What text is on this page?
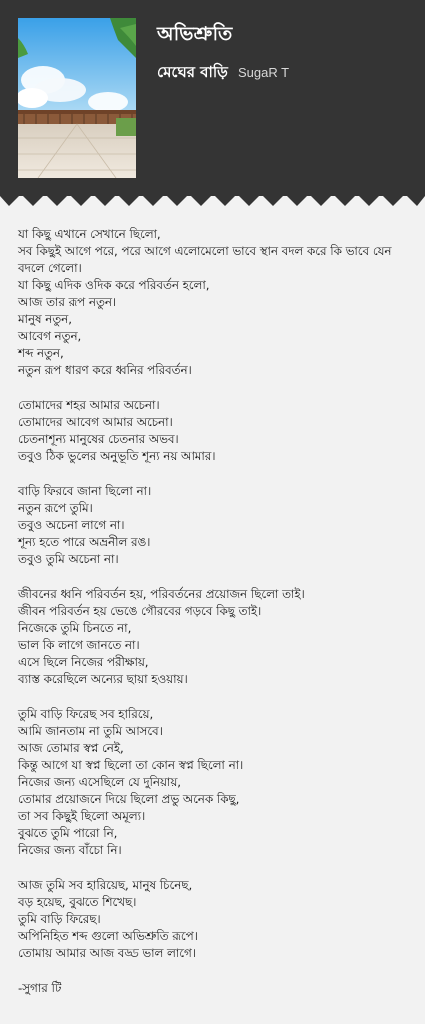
অভিশ্রুতি
মেঘের বাড়ি SugaR T
যা কিছু এখানে সেখানে ছিলো,
সব কিছুই আগে পরে, পরে আগে এলোমেলো ভাবে স্থান বদল করে কি ভাবে যেন বদলে গেলো।
যা কিছু এদিক ওদিক করে পরিবর্তন হলো,
আজ তার রূপ নতুন।
মানুষ নতুন,
আবেগ নতুন,
শব্দ নতুন,
নতুন রূপ ধারণ করে ধ্বনির পরিবর্তন।
তোমাদের শহর আমার অচেনা।
তোমাদের আবেগ আমার অচেনা।
চেতনাশূন্য মানুষের চেতনার অভব।
তবুও ঠিক ভুলের অনুভূতি শূন্য নয় আমার।
বাড়ি ফিরবে জানা ছিলো না।
নতুন রূপে তুমি।
তবুও অচেনা লাগে না।
শূন্য হতে পারে অভ্রনীল রঙ।
তবুও তুমি অচেনা না।
জীবনের ধ্বনি পরিবর্তন হয়, পরিবর্তনের প্রয়োজন ছিলো তাই।
জীবন পরিবর্তন হয় ভেঙে গৌরবের গড়বে কিছু তাই।
নিজেকে তুমি চিনতে না,
ভাল কি লাগে জানতে না।
এসে ছিলে নিজের পরীক্ষায়,
ব্যাস্ত করেছিলে অন্যের ছায়া হওয়ায়।
তুমি বাড়ি ফিরেছ সব হারিয়ে,
আমি জানতাম না তুমি আসবে।
আজ তোমার স্বপ্ন নেই,
কিন্তু আগে যা স্বপ্ন ছিলো তা কোন স্বপ্ন ছিলো না।
নিজের জন্য এসেছিলে যে দুনিয়ায়,
তোমার প্রয়োজনে দিয়ে ছিলো প্রভু অনেক কিছু,
তা সব কিছুই ছিলো অমূল্য।
বুঝতে তুমি পারো নি,
নিজের জন্য বাঁচো নি।
আজ তুমি সব হারিয়েছ, মানুষ চিনেছ,
বড় হয়েছ, বুঝতে শিখেছ।
তুমি বাড়ি ফিরেছ।
অপিনিহিত শব্দ গুলো অভিশ্রুতি রূপে।
তোমায় আমার আজ বড্ড ভাল লাগে।
-সুগার টি
